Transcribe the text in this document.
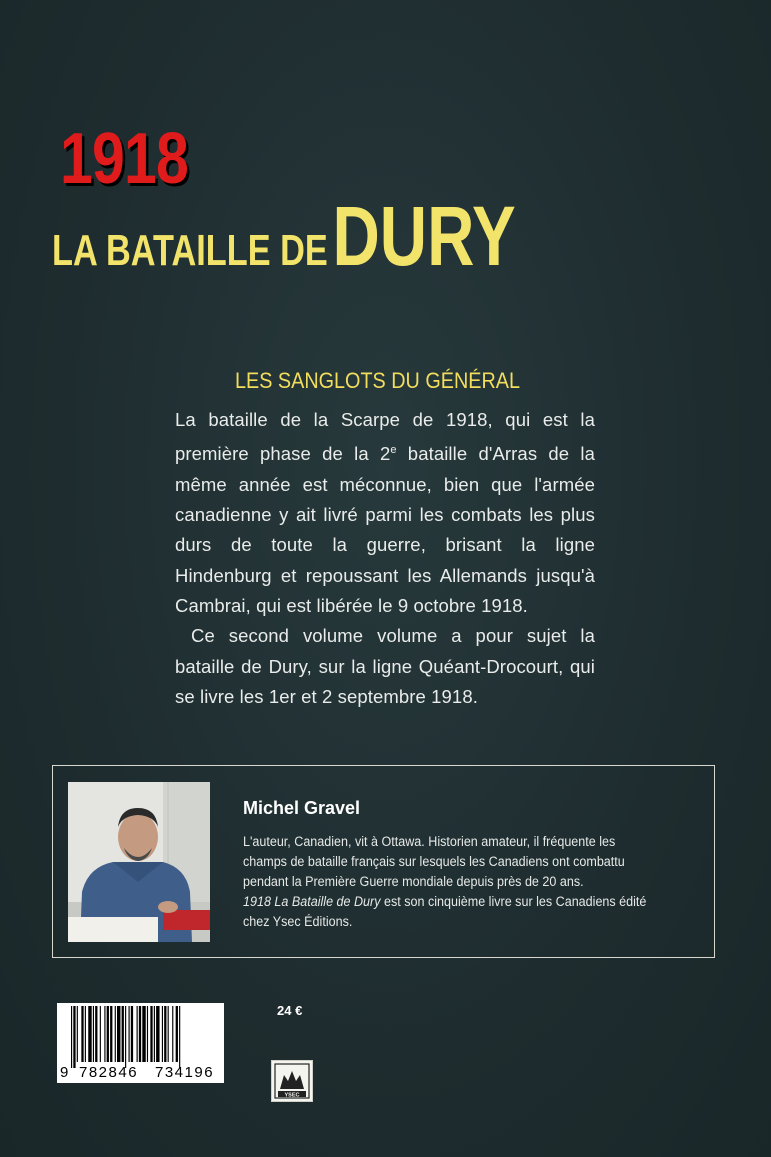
1918
LA BATAILLE DEDURY
LES SANGLOTS DU GÉNÉRAL

La bataille de la Scarpe de 1918, qui est la première phase de la 2e bataille d'Arras de la même année est méconnue, bien que l'armée canadienne y ait livré parmi les combats les plus durs de toute la guerre, brisant la ligne Hindenburg et repoussant les Allemands jusqu'à Cambrai, qui est libérée le 9 octobre 1918.

Ce second volume volume a pour sujet la bataille de Dury, sur la ligne Quéant-Drocourt, qui se livre les 1er et 2 septembre 1918.

Michel Gravel
L'auteur, Canadien, vit à Ottawa. Historien amateur, il fréquente les champs de bataille français sur lesquels les Canadiens ont combattu pendant la Première Guerre mondiale depuis près de 20 ans.
1918 La Bataille de Dury est son cinquième livre sur les Canadiens édité chez Ysec Éditions.
9 782846 734196
24 €
YSEC
